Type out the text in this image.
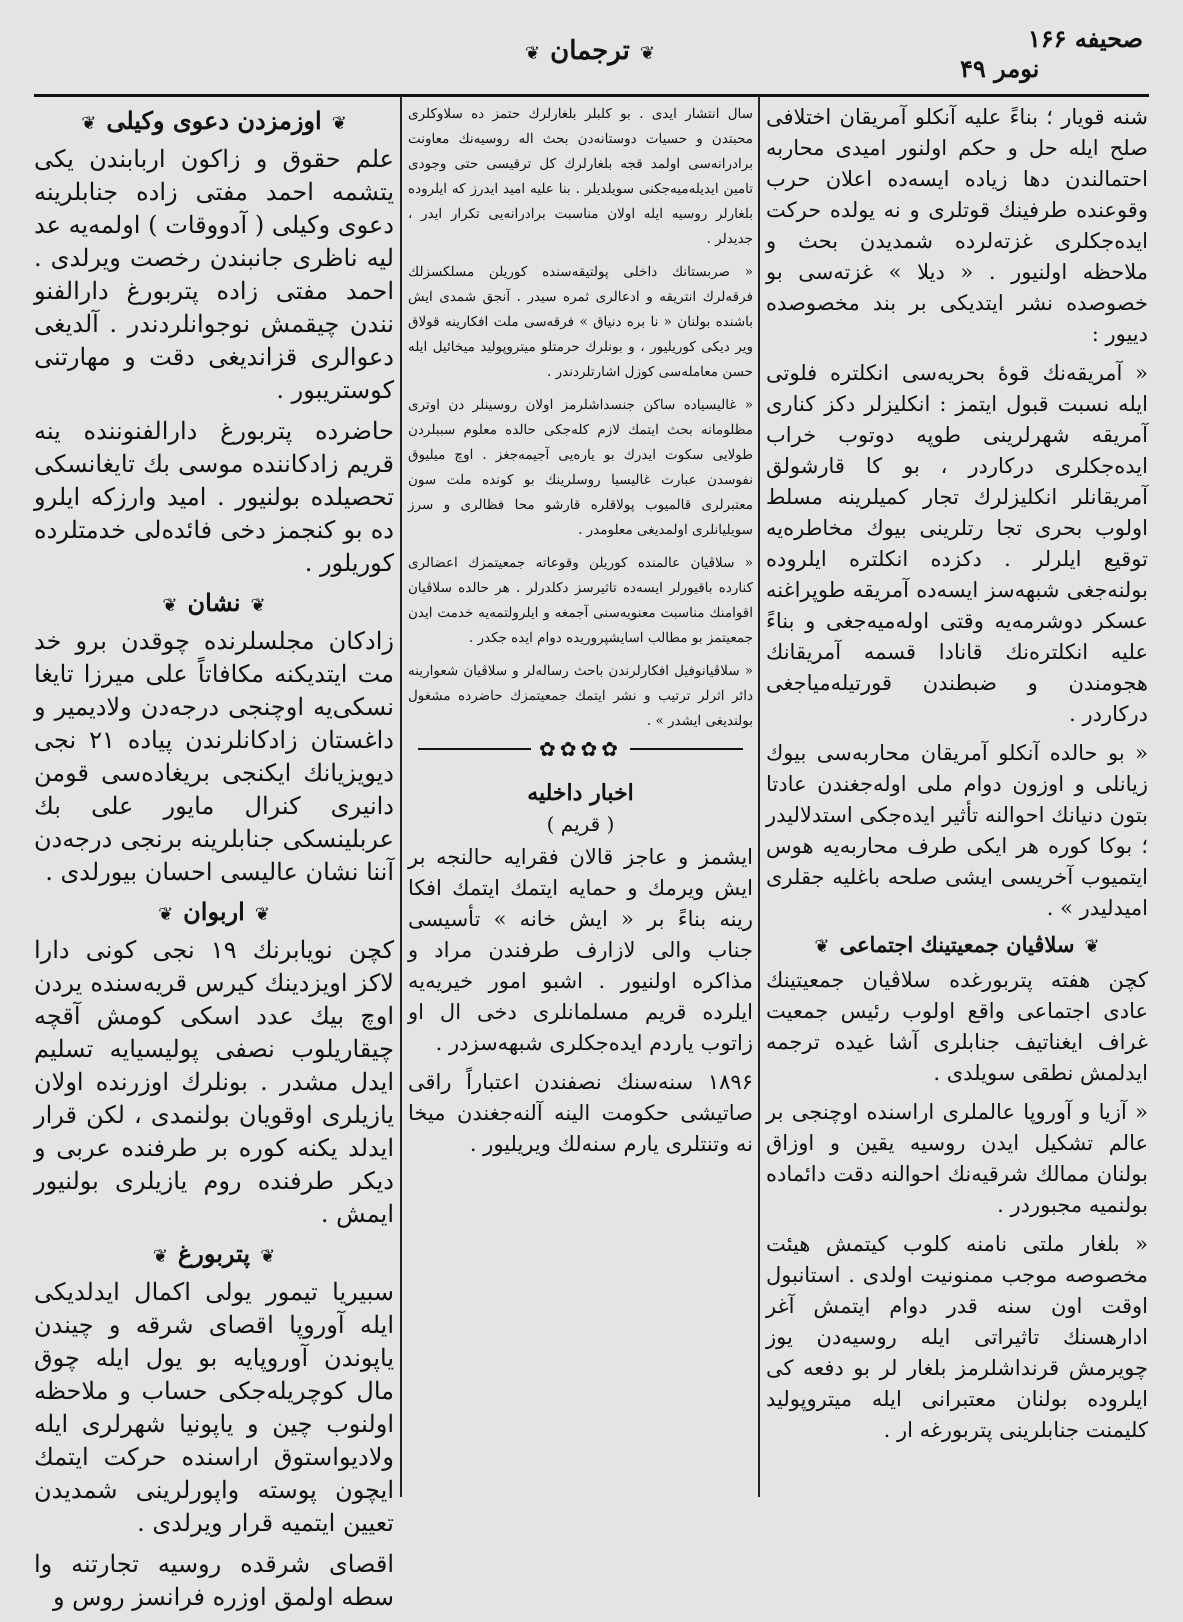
صحیفه ۱۶۶
❦ترجمان❦
نومر ۴۹

شنه قویار ؛ بناءً علیه آنکلو آمریقان اختلافی صلح ایله حل و حکم اولنور امیدی محاربه احتمالندن دها زیاده ایسه‌ده اعلان حرب وقوعنده طرفینك قوتلری و نه یولده حرکت ایده‌جکلری غزته‌لرده شمدیدن بحث و ملاحظه اولنیور . « دیلا » غزته‌سی بو خصوصده نشر ایتدیکی بر بند مخصوصده دییور :

« آمریقه‌نك قوهٔ بحریه‌سی انکلتره فلوتی ایله نسبت قبول ایتمز : انکلیزلر دکز کناری آمریقه شهرلرینی طوپه دوتوب خراب ایده‌جکلری درکاردر ، بو کا قارشولق آمریقانلر انکلیزلرك تجار کمیلرینه مسلط اولوب بحری تجا رتلرینی بیوك مخاطره‌یه توقیع ایلرلر . دکزده انکلتره ایلروده بولنه‌جغی شبهه‌سز ایسه‌ده آمریقه طوپراغنه عسکر دوشرمه‌یه وقتی اوله‌میه‌جغی و بناءً علیه انکلتره‌نك قانادا قسمه آمریقانك هجومندن و ضبطندن قورتیله‌میاجغی درکاردر .

« بو حالده آنکلو آمریقان محاربه‌سی بیوك زیانلی و اوزون دوام ملی اوله‌جغندن عادتا بتون دنیانك احوالنه تأثیر ایده‌جکی استدلالیدر ؛ بوکا کوره هر ایکی طرف محاربه‌یه هوس ایتمیوب آخریسی ایشی صلحه باغلیه جقلری امیدلیدر » .

❦سلاڤیان جمعیتینك اجتماعی❦

کچن هفته پتربورغده سلاڤیان جمعیتینك عادی اجتماعی واقع اولوب رئیس جمعیت غراف ایغناتیف جنابلری آشا غیده ترجمه ایدلمش نطقی سویلدی .

« آزیا و آوروپا عالملری اراسنده اوچنجی بر عالم تشکیل ایدن روسیه یقین و اوزاق بولنان ممالك شرقیه‌نك احوالنه دقت دائماده بولنمیه مجبوردر .

« بلغار ملتی نامنه کلوب کیتمش هیئت مخصوصه موجب ممنونیت اولدی . استانبول اوقت اون سنه قدر دوام ایتمش آغر ادارهسنك تاثیراتی ایله روسیه‌دن یوز چویرمش قرنداشلرمز بلغار لر بو دفعه کی ایلروده بولنان معتبرانی ایله میتروپولید کلیمنت جنابلرینی پتربورغه ار .

سال انتشار ایدی . بو کلبلر بلغارلرك حتمز ده سلاوکلری محبتدن و حسیات دوستانه‌دن بحث اله روسیه‌نك معاونت برادرانه‌سی اولمد قجه بلغارلرك کل ترقیسی حتی وجودی تامین ایدیله‌میه‌جکنی سویلدیلر . بنا علیه امید ایدرز که ایلروده بلغارلر روسیه ایله اولان مناسبت برادرانه‌یی تکرار ایدر ، جدیدلر .

« صربستانك داخلی پولتیقه‌سنده کوریلن مسلکسزلك فرقه‌لرك انتریقه و ادعالری ثمره سیدر . آنجق شمدی ایش باشنده بولنان « نا بره دنیاق » فرقه‌سی ملت افکارینه قولاق ویر دیکی کوریلیور ، و بونلرك حرمتلو میتروپولید میخائیل ایله حسن معامله‌سی کوزل اشارتلردندر .

« غالیسیاده ساکن جنسداشلرمز اولان روسینلر دن اوتری مظلومانه بحث ایتمك لازم کله‌جکی حالده معلوم سببلردن طولایی سکوت ایدرك بو یاره‌یی آجیمه‌جغز . اوچ میلیوق نفوسدن عبارت غالیسیا روسلرینك بو کونده ملت سون معتبرلری قالمیوب پولاقلره قارشو محا فظالری و سرز سویلیانلری اولمدیغی معلومدر .

« سلاڤیان عالمنده کوریلن وقوعاته جمعیتمزك اعضالری کنارده باقیورلر ایسه‌ده تاثیرسز دکلدرلر . هر حالده سلاڤیان اقوامنك مناسبت معنویه‌سنی آجمغه و ایلرولتمه‌یه خدمت ایدن جمعیتمز بو مطالب اسایشپروریده دوام ایده جکدر .

« سلاڤیانوفیل افکارلرندن باحث رساله‌لر و سلاڤیان شعوارینه دائر اثرلر ترتیب و نشر ایتمك جمعیتمزك حاضرده مشغول بولندیغی ایشدر » .

✿✿✿✿
اخبار داخلیه
( قریم )

ایشمز و عاجز قالان فقرایه حالنجه بر ایش ویرمك و حمایه ایتمك ایتمك افکا رینه بناءً بر « ایش خانه » تأسیسی جناب والی لازارف طرفندن مراد و مذاکره اولنیور . اشبو امور خیریه‌یه ایلرده قریم مسلمانلری دخی ال او زاتوب یاردم ایده‌جکلری شبهه‌سزدر .

۱۸۹۶ سنه‌سنك نصفندن اعتباراً راقی صاتیشی حکومت الینه آلنه‌جغندن میخا نه وتنتلری یارم سنه‌لك ویریلیور .

❦اوزمزدن دعوی وکیلی❦

علم حقوق و زاکون اربابندن یکی یتشمه احمد مفتی زاده جنابلرینه دعوی وکیلی ( آدووقات ) اولمه‌یه عد لیه ناظری جانبندن رخصت ویرلدی . احمد مفتی زاده پتربورغ دارالفنو نندن چیقمش نوجوانلردندر . آلدیغی دعوالری قزاندیغی دقت و مهارتنی کوستریبور .

حاضرده پتربورغ دارالفنوننده ینه قریم زادکاننده موسی بك تایغانسکی تحصیلده بولنیور . امید وارزکه ایلرو ده بو کنجمز دخی فائده‌لی خدمتلرده کوریلور .

❦نشان❦

زادکان مجلسلرنده چوقدن برو خد مت ایتدیکنه مکافاتاً علی میرزا تایغا نسکی‌یه اوچنجی درجه‌دن ولادیمیر و داغستان زادکانلرندن پیاده ۲۱ نجی دیویزیانك ایکنجی بریغاده‌سی قومن دانیری کنرال مایور علی بك عربلینسکی جنابلرینه برنجی درجه‌دن آننا نشان عالیسی احسان بیورلدی .

❦اربوان❦

کچن نویابرنك ۱۹ نجی کونی دارا لاکز اویزدینك کیرس قریه‌سنده یردن اوچ بیك عدد اسکی کومش آقچه چیقاریلوب نصفی پولیسیایه تسلیم ایدل مشدر . بونلرك اوزرنده اولان یازیلری اوقویان بولنمدی ، لکن قرار ایدلد یکنه کوره بر طرفنده عربی و دیکر طرفنده روم یازیلری بولنیور ایمش .

❦پتربورغ❦

سبیریا تیمور یولی اکمال ایدلدیکی ایله آوروپا اقصای شرقه و چیندن یاپوندن آوروپایه بو یول ایله چوق مال کوچریله‌جکی حساب و ملاحظه اولنوب چین و یاپونیا شهرلری ایله ولادیواستوق اراسنده حرکت ایتمك ایچون پوسته واپورلرینی شمدیدن تعیین ایتمیه قرار ویرلدی .

اقصای شرقده روسیه تجارتنه وا سطه اولمق اوزره فرانسز روس و
